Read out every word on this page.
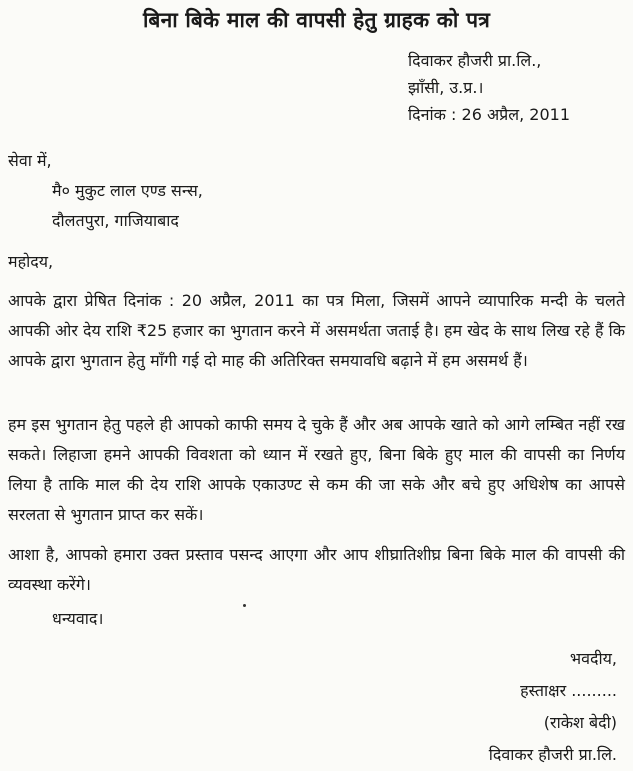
बिना बिके माल की वापसी हेतु ग्राहक को पत्र
दिवाकर हौजरी प्रा.लि.,
झाँसी, उ.प्र.।
दिनांक : 26 अप्रैल, 2011
सेवा में,
मै० मुकुट लाल एण्ड सन्स,
दौलतपुरा, गाजियाबाद
महोदय,
आपके द्वारा प्रेषित दिनांक : 20 अप्रैल, 2011 का पत्र मिला, जिसमें आपने व्यापारिक मन्दी के चलते आपकी ओर देय राशि ₹25 हजार का भुगतान करने में असमर्थता जताई है। हम खेद के साथ लिख रहे हैं कि आपके द्वारा भुगतान हेतु माँगी गई दो माह की अतिरिक्त समयावधि बढ़ाने में हम असमर्थ हैं।
हम इस भुगतान हेतु पहले ही आपको काफी समय दे चुके हैं और अब आपके खाते को आगे लम्बित नहीं रख सकते। लिहाजा हमने आपकी विवशता को ध्यान में रखते हुए, बिना बिके हुए माल की वापसी का निर्णय लिया है ताकि माल की देय राशि आपके एकाउण्ट से कम की जा सके और बचे हुए अधिशेष का आपसे सरलता से भुगतान प्राप्त कर सकें।
आशा है, आपको हमारा उक्त प्रस्ताव पसन्द आएगा और आप शीघ्रातिशीघ्र बिना बिके माल की वापसी की व्यवस्था करेंगे।
धन्यवाद।
भवदीय,
हस्ताक्षर .........
(राकेश बेदी)
दिवाकर हौजरी प्रा.लि.
